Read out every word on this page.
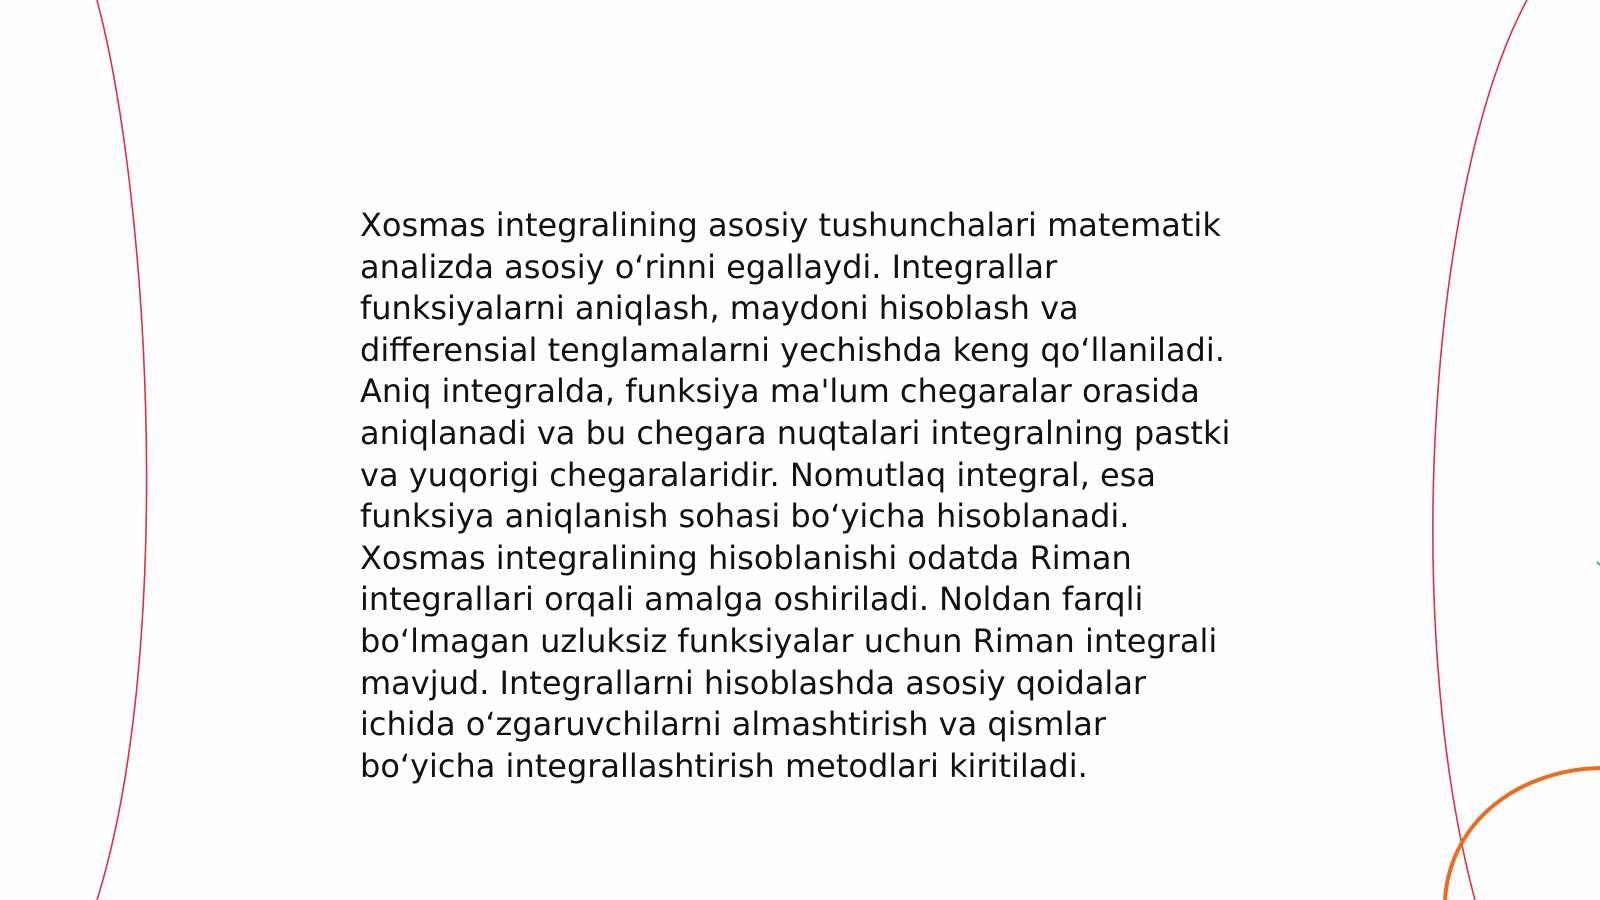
Xosmas integralining asosiy tushunchalari matematik
analizda asosiy o‘rinni egallaydi. Integrallar
funksiyalarni aniqlash, maydoni hisoblash va
differensial tenglamalarni yechishda keng qo‘llaniladi.
Aniq integralda, funksiya ma'lum chegaralar orasida
aniqlanadi va bu chegara nuqtalari integralning pastki
va yuqorigi chegaralaridir. Nomutlaq integral, esa
funksiya aniqlanish sohasi bo‘yicha hisoblanadi.
Xosmas integralining hisoblanishi odatda Riman
integrallari orqali amalga oshiriladi. Noldan farqli
bo‘lmagan uzluksiz funksiyalar uchun Riman integrali
mavjud. Integrallarni hisoblashda asosiy qoidalar
ichida o‘zgaruvchilarni almashtirish va qismlar
bo‘yicha integrallashtirish metodlari kiritiladi.
